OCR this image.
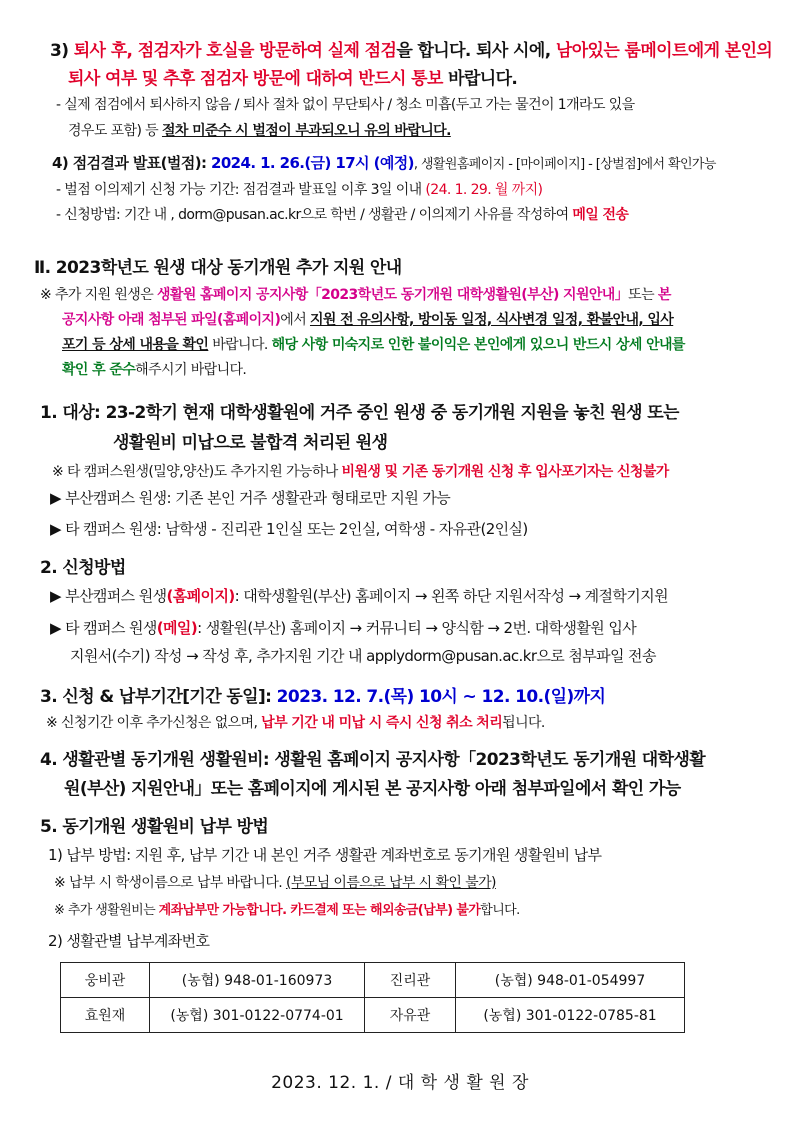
3) 퇴사 후, 점검자가 호실을 방문하여 실제 점검을 합니다. 퇴사 시에, 남아있는 룸메이트에게 본인의
퇴사 여부 및 추후 점검자 방문에 대하여 반드시 통보 바랍니다.
- 실제 점검에서 퇴사하지 않음 / 퇴사 절차 없이 무단퇴사 / 청소 미흡(두고 가는 물건이 1개라도 있을
경우도 포함) 등 절차 미준수 시 벌점이 부과되오니 유의 바랍니다.
4) 점검결과 발표(벌점): 2024. 1. 26.(금) 17시 (예정), 생활원홈페이지 - [마이페이지] - [상벌점]에서 확인가능
- 벌점 이의제기 신청 가능 기간: 점검결과 발표일 이후 3일 이내 (24. 1. 29. 월 까지)
- 신청방법: 기간 내 , dorm@pusan.ac.kr으로 학번 / 생활관 / 이의제기 사유를 작성하여 메일 전송
Ⅱ. 2023학년도 원생 대상 동기개원 추가 지원 안내
※ 추가 지원 원생은 생활원 홈페이지 공지사항「2023학년도 동기개원 대학생활원(부산) 지원안내」또는 본
공지사항 아래 첨부된 파일(홈페이지)에서 지원 전 유의사항, 방이동 일정, 식사변경 일정, 환불안내, 입사
포기 등 상세 내용을 확인 바랍니다. 해당 사항 미숙지로 인한 불이익은 본인에게 있으니 반드시 상세 안내를
확인 후 준수해주시기 바랍니다.
1. 대상: 23-2학기 현재 대학생활원에 거주 중인 원생 중 동기개원 지원을 놓친 원생 또는
생활원비 미납으로 불합격 처리된 원생
※ 타 캠퍼스원생(밀양,양산)도 추가지원 가능하나 비원생 및 기존 동기개원 신청 후 입사포기자는 신청불가
▶ 부산캠퍼스 원생: 기존 본인 거주 생활관과 형태로만 지원 가능
▶ 타 캠퍼스 원생: 남학생 - 진리관 1인실 또는 2인실, 여학생 - 자유관(2인실)
2. 신청방법
▶ 부산캠퍼스 원생(홈페이지): 대학생활원(부산) 홈페이지 → 왼쪽 하단 지원서작성 → 계절학기지원
▶ 타 캠퍼스 원생(메일): 생활원(부산) 홈페이지 → 커뮤니티 → 양식함 → 2번. 대학생활원 입사
지원서(수기) 작성 → 작성 후, 추가지원 기간 내 applydorm@pusan.ac.kr으로 첨부파일 전송
3. 신청 & 납부기간[기간 동일]: 2023. 12. 7.(목) 10시 ~ 12. 10.(일)까지
※ 신청기간 이후 추가신청은 없으며, 납부 기간 내 미납 시 즉시 신청 취소 처리됩니다.
4. 생활관별 동기개원 생활원비: 생활원 홈페이지 공지사항「2023학년도 동기개원 대학생활
원(부산) 지원안내」또는 홈페이지에 게시된 본 공지사항 아래 첨부파일에서 확인 가능
5. 동기개원 생활원비 납부 방법
1) 납부 방법: 지원 후, 납부 기간 내 본인 거주 생활관 계좌번호로 동기개원 생활원비 납부
※ 납부 시 학생이름으로 납부 바랍니다. (부모님 이름으로 납부 시 확인 불가)
※ 추가 생활원비는 계좌납부만 가능합니다. 카드결제 또는 해외송금(납부) 불가합니다.
2) 생활관별 납부계좌번호
웅비관	(농협) 948-01-160973	진리관	(농협) 948-01-054997
효원재	(농협) 301-0122-0774-01	자유관	(농협) 301-0122-0785-81
2023. 12. 1. / 대 학 생 활 원 장
